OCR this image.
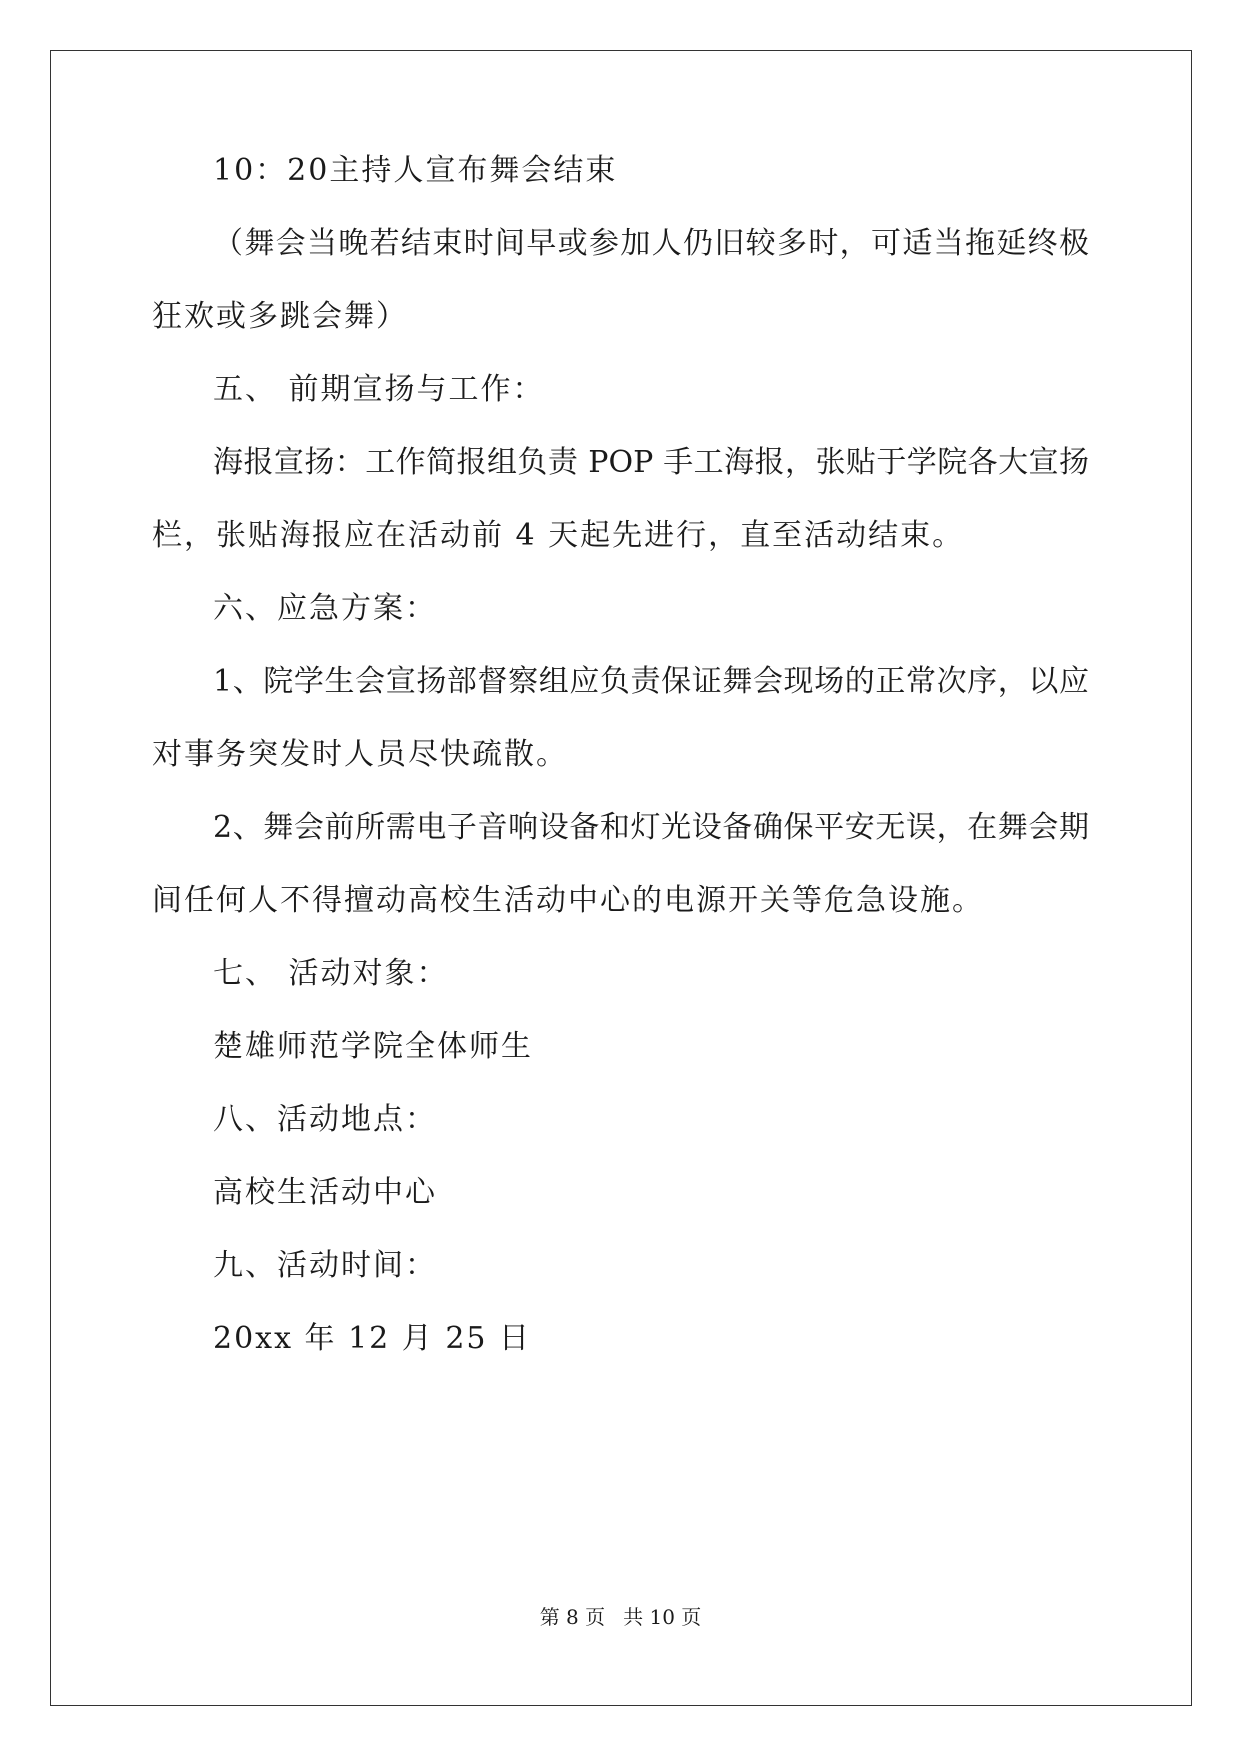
10：20主持人宣布舞会结束
（舞会当晚若结束时间早或参加人仍旧较多时，可适当拖延终极
狂欢或多跳会舞）
五、 前期宣扬与工作：
海报宣扬：工作简报组负责 POP 手工海报，张贴于学院各大宣扬
栏，张贴海报应在活动前 4 天起先进行，直至活动结束。
六、应急方案：
1、院学生会宣扬部督察组应负责保证舞会现场的正常次序，以应
对事务突发时人员尽快疏散。
2、舞会前所需电子音响设备和灯光设备确保平安无误，在舞会期
间任何人不得擅动高校生活动中心的电源开关等危急设施。
七、 活动对象：
楚雄师范学院全体师生
八、活动地点：
高校生活动中心
九、活动时间：
20xx 年 12 月 25 日
第 8 页 共 10 页
